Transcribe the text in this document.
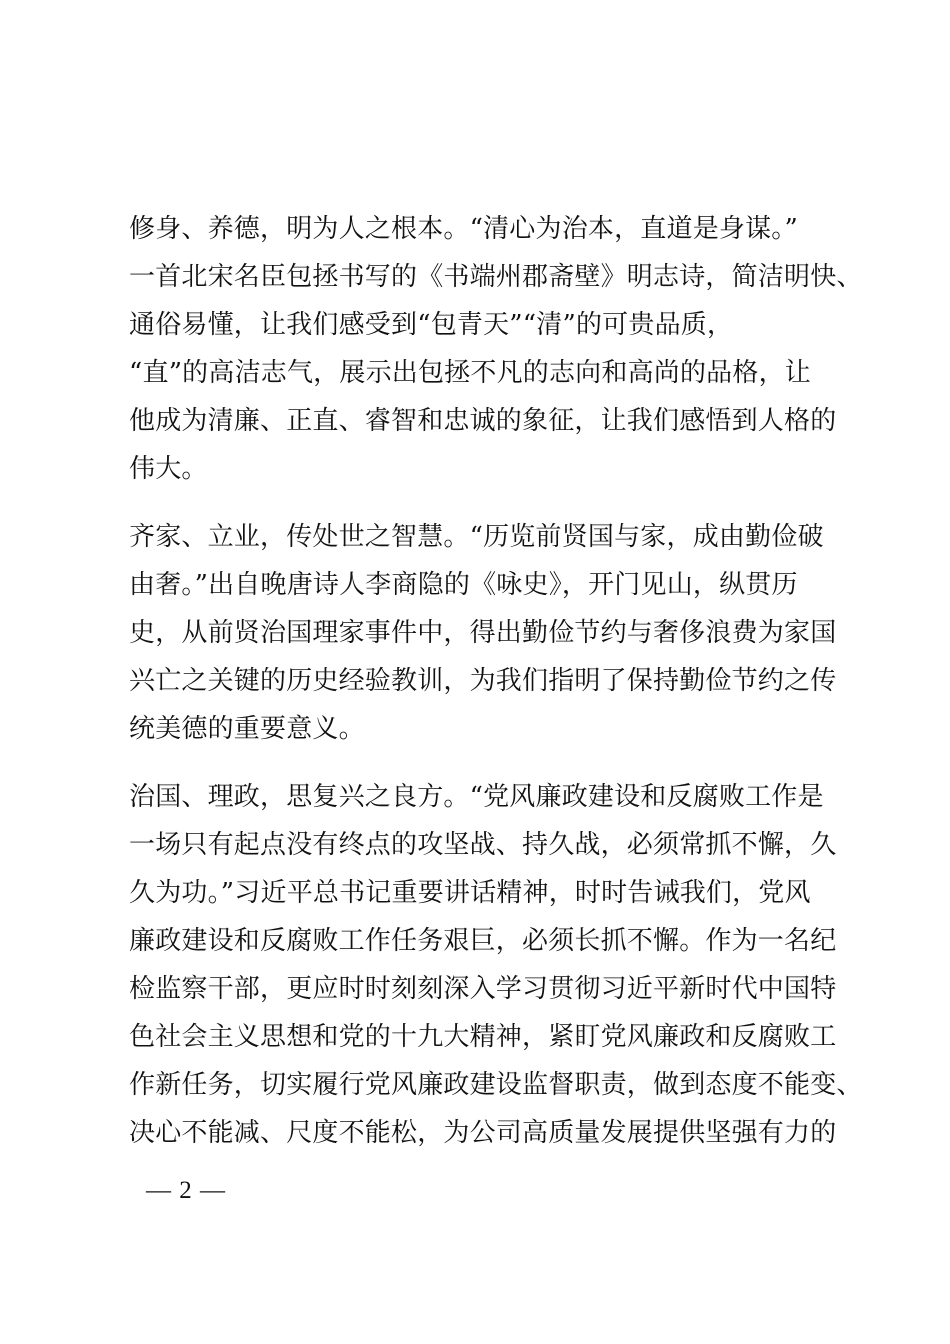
修身、养德，明为人之根本。“清心为治本，直道是身谋。”
一首北宋名臣包拯书写的《书端州郡斋壁》明志诗，简洁明快、
通俗易懂，让我们感受到“包青天”“清”的可贵品质，
“直”的高洁志气，展示出包拯不凡的志向和高尚的品格，让
他成为清廉、正直、睿智和忠诚的象征，让我们感悟到人格的
伟大。
齐家、立业，传处世之智慧。“历览前贤国与家，成由勤俭破
由奢。”出自晚唐诗人李商隐的《咏史》，开门见山，纵贯历
史，从前贤治国理家事件中，得出勤俭节约与奢侈浪费为家国
兴亡之关键的历史经验教训，为我们指明了保持勤俭节约之传
统美德的重要意义。
治国、理政，思复兴之良方。“党风廉政建设和反腐败工作是
一场只有起点没有终点的攻坚战、持久战，必须常抓不懈，久
久为功。”习近平总书记重要讲话精神，时时告诫我们，党风
廉政建设和反腐败工作任务艰巨，必须长抓不懈。作为一名纪
检监察干部，更应时时刻刻深入学习贯彻习近平新时代中国特
色社会主义思想和党的十九大精神，紧盯党风廉政和反腐败工
作新任务，切实履行党风廉政建设监督职责，做到态度不能变、
决心不能减、尺度不能松，为公司高质量发展提供坚强有力的
— 2 —
